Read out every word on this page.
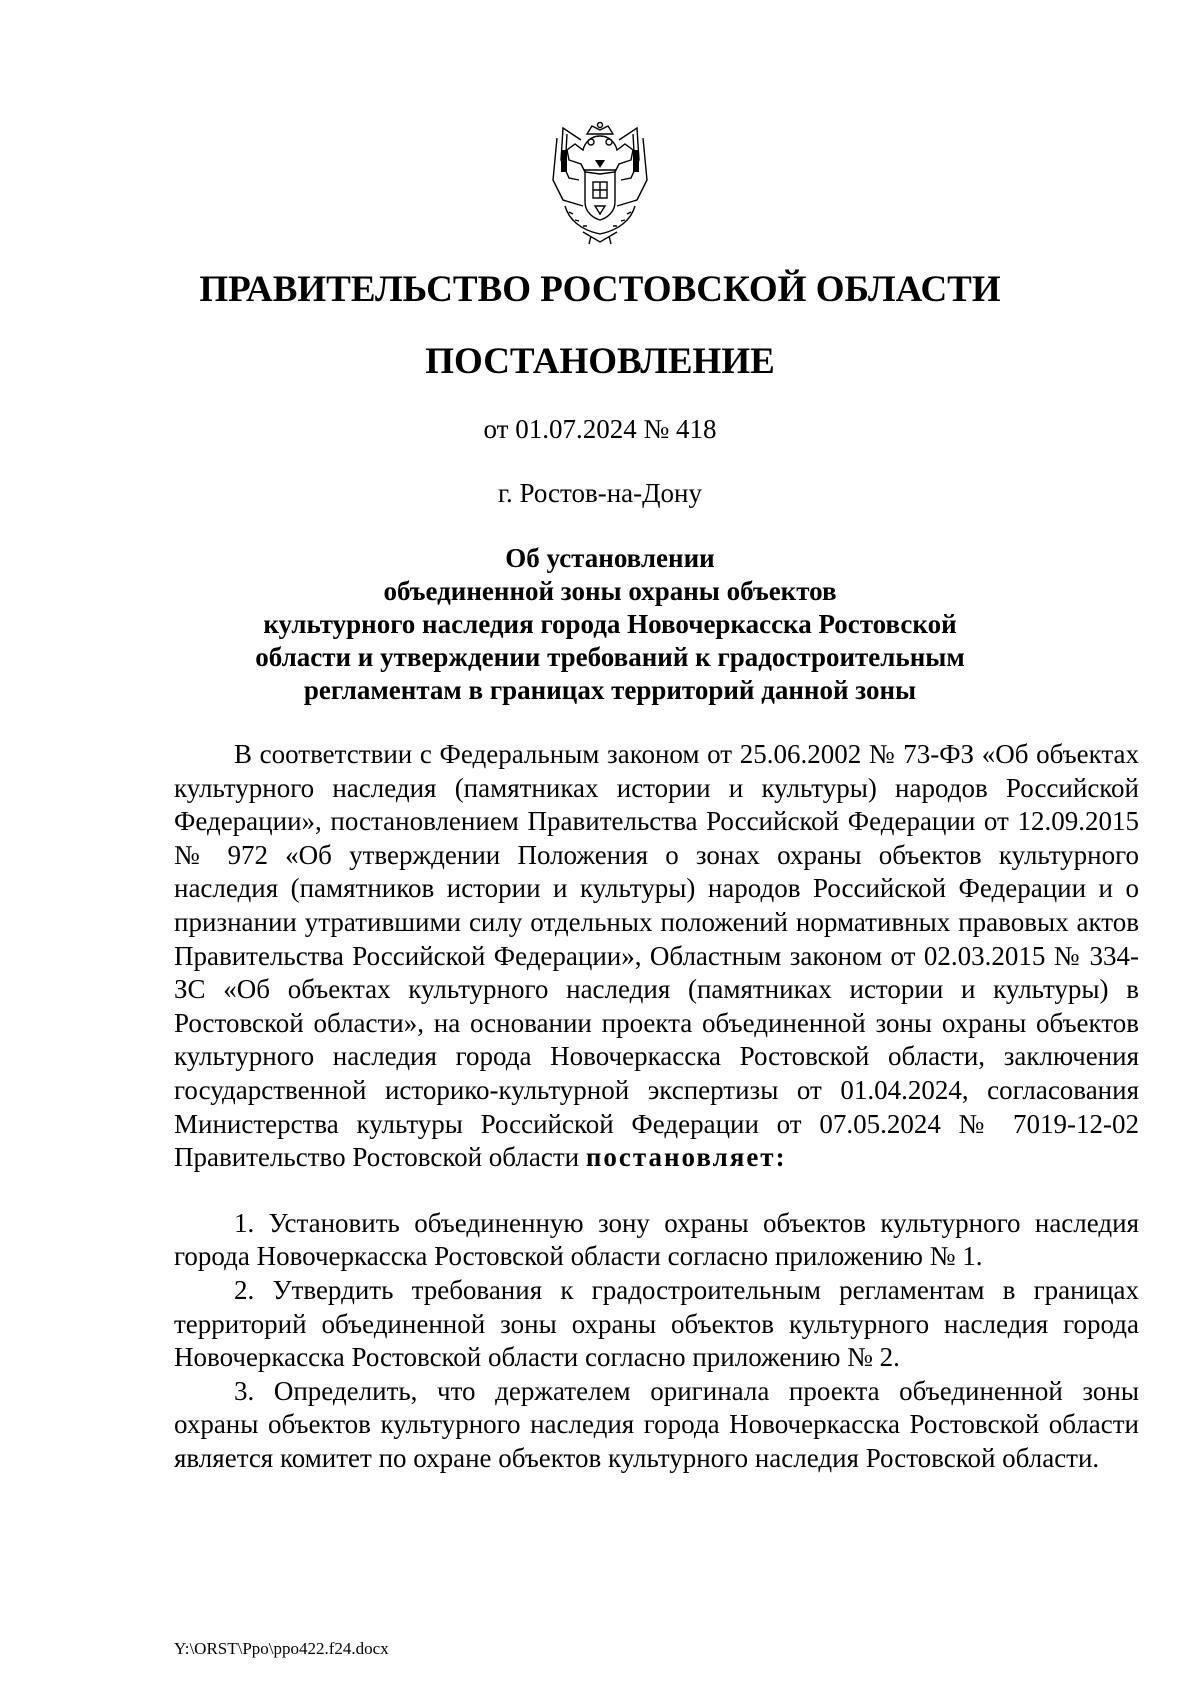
ПРАВИТЕЛЬСТВО РОСТОВСКОЙ ОБЛАСТИ
ПОСТАНОВЛЕНИЕ
от 01.07.2024 № 418
г. Ростов-на-Дону
Об установлении
объединенной зоны охраны объектов
культурного наследия города Новочеркасска Ростовской
области и утверждении требований к градостроительным
регламентам в границах территорий данной зоны

В соответствии с Федеральным законом от 25.06.2002 № 73-ФЗ «Об объектах культурного наследия (памятниках истории и культуры) народов Российской Федерации», постановлением Правительства Российской Федерации от 12.09.2015 № 972 «Об утверждении Положения о зонах охраны объектов культурного наследия (памятников истории и культуры) народов Российской Федерации и о признании утратившими силу отдельных положений нормативных правовых актов Правительства Российской Федерации», Областным законом от 02.03.2015 № 334-ЗС «Об объектах культурного наследия (памятниках истории и культуры) в Ростовской области», на основании проекта объединенной зоны охраны объектов культурного наследия города Новочеркасска Ростовской области, заключения государственной историко-культурной экспертизы от 01.04.2024, согласования Министерства культуры Российской Федерации от 07.05.2024 № 7019-12-02 Правительство Ростовской области постановляет:

1. Установить объединенную зону охраны объектов культурного наследия города Новочеркасска Ростовской области согласно приложению № 1.

2. Утвердить требования к градостроительным регламентам в границах территорий объединенной зоны охраны объектов культурного наследия города Новочеркасска Ростовской области согласно приложению № 2.

3. Определить, что держателем оригинала проекта объединенной зоны охраны объектов культурного наследия города Новочеркасска Ростовской области является комитет по охране объектов культурного наследия Ростовской области.

Y:\ORST\Ppo\ppo422.f24.docx
